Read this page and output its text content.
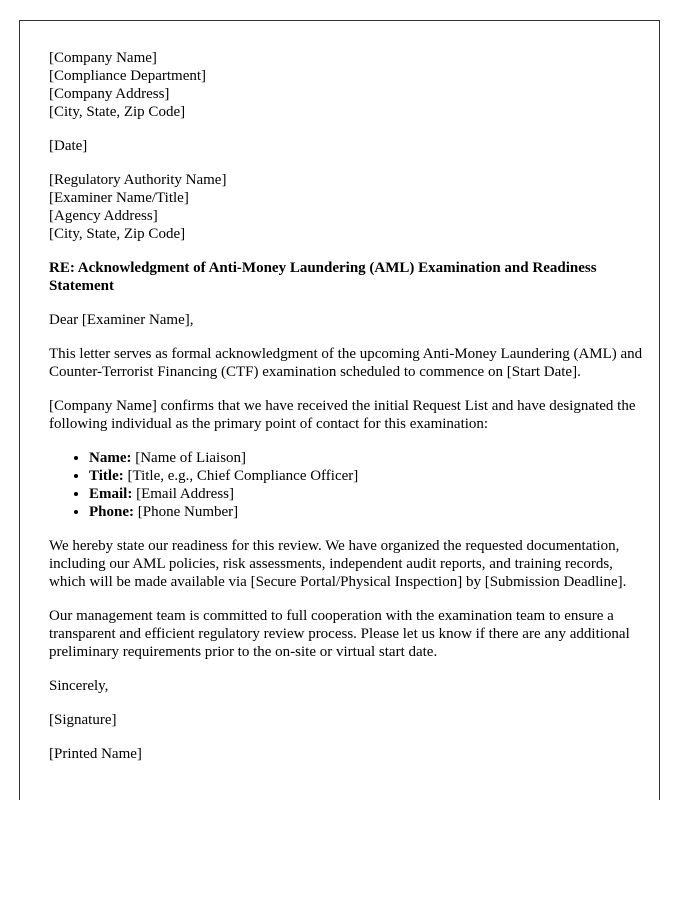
[Company Name]
[Compliance Department]
[Company Address]
[City, State, Zip Code]

[Date]

[Regulatory Authority Name]
[Examiner Name/Title]
[Agency Address]
[City, State, Zip Code]

RE: Acknowledgment of Anti-Money Laundering (AML) Examination and Readiness Statement

Dear [Examiner Name],

This letter serves as formal acknowledgment of the upcoming Anti-Money Laundering (AML) and Counter-Terrorist Financing (CTF) examination scheduled to commence on [Start Date].

[Company Name] confirms that we have received the initial Request List and have designated the following individual as the primary point of contact for this examination:

• Name: [Name of Liaison]
• Title: [Title, e.g., Chief Compliance Officer]
• Email: [Email Address]
• Phone: [Phone Number]

We hereby state our readiness for this review. We have organized the requested documentation, including our AML policies, risk assessments, independent audit reports, and training records, which will be made available via [Secure Portal/Physical Inspection] by [Submission Deadline].

Our management team is committed to full cooperation with the examination team to ensure a transparent and efficient regulatory review process. Please let us know if there are any additional preliminary requirements prior to the on-site or virtual start date.

Sincerely,

[Signature]

[Printed Name]
